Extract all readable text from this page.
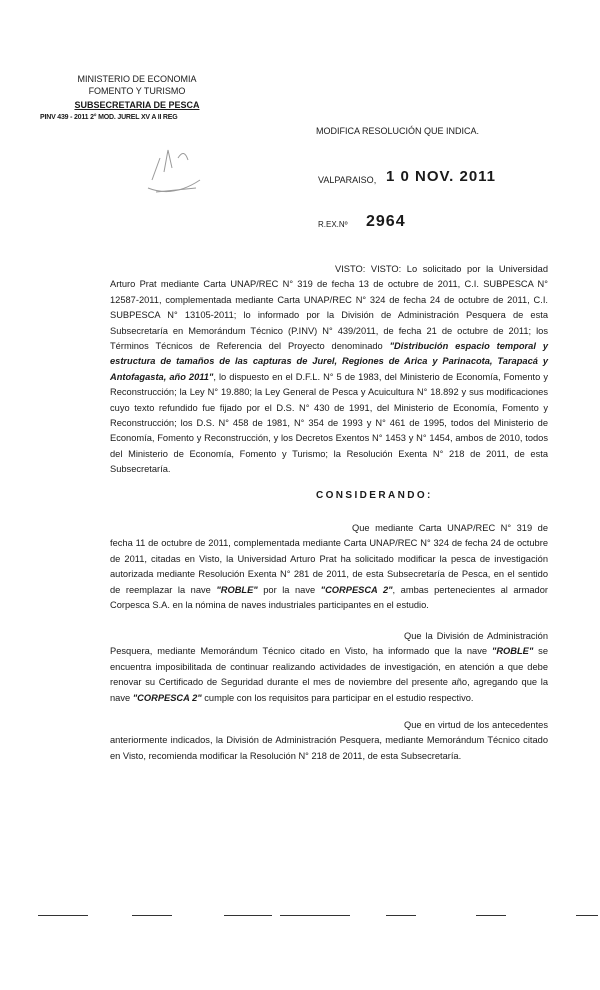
MINISTERIO DE ECONOMIA
FOMENTO Y TURISMO
SUBSECRETARIA DE PESCA
PINV 439 - 2011 2° MOD. JUREL XV A II REG
MODIFICA RESOLUCIÓN QUE INDICA.
VALPARAISO, 1 0 NOV. 2011
R.EX.Nº 2964

VISTO: VISTO: Lo solicitado por la Universidad Arturo Prat mediante Carta UNAP/REC N° 319 de fecha 13 de octubre de 2011, C.I. SUBPESCA N° 12587-2011, complementada mediante Carta UNAP/REC N° 324 de fecha 24 de octubre de 2011, C.I. SUBPESCA N° 13105-2011; lo informado por la División de Administración Pesquera de esta Subsecretaría en Memorándum Técnico (P.INV) N° 439/2011, de fecha 21 de octubre de 2011; los Términos Técnicos de Referencia del Proyecto denominado "Distribución espacio temporal y estructura de tamaños de las capturas de Jurel, Regiones de Arica y Parinacota, Tarapacá y Antofagasta, año 2011", lo dispuesto en el D.F.L. N° 5 de 1983, del Ministerio de Economía, Fomento y Reconstrucción; la Ley N° 19.880; la Ley General de Pesca y Acuicultura N° 18.892 y sus modificaciones cuyo texto refundido fue fijado por el D.S. N° 430 de 1991, del Ministerio de Economía, Fomento y Reconstrucción; los D.S. N° 458 de 1981, N° 354 de 1993 y N° 461 de 1995, todos del Ministerio de Economía, Fomento y Reconstrucción, y los Decretos Exentos N° 1453 y N° 1454, ambos de 2010, todos del Ministerio de Economía, Fomento y Turismo; la Resolución Exenta N° 218 de 2011, de esta Subsecretaría.

CONSIDERANDO:

Que mediante Carta UNAP/REC N° 319 de fecha 11 de octubre de 2011, complementada mediante Carta UNAP/REC N° 324 de fecha 24 de octubre de 2011, citadas en Visto, la Universidad Arturo Prat ha solicitado modificar la pesca de investigación autorizada mediante Resolución Exenta N° 281 de 2011, de esta Subsecretaría de Pesca, en el sentido de reemplazar la nave "ROBLE" por la nave "CORPESCA 2", ambas pertenecientes al armador Corpesca S.A. en la nómina de naves industriales participantes en el estudio.

Que la División de Administración Pesquera, mediante Memorándum Técnico citado en Visto, ha informado que la nave "ROBLE" se encuentra imposibilitada de continuar realizando actividades de investigación, en atención a que debe renovar su Certificado de Seguridad durante el mes de noviembre del presente año, agregando que la nave "CORPESCA 2" cumple con los requisitos para participar en el estudio respectivo.

Que en virtud de los antecedentes anteriormente indicados, la División de Administración Pesquera, mediante Memorándum Técnico citado en Visto, recomienda modificar la Resolución N° 218 de 2011, de esta Subsecretaría.
